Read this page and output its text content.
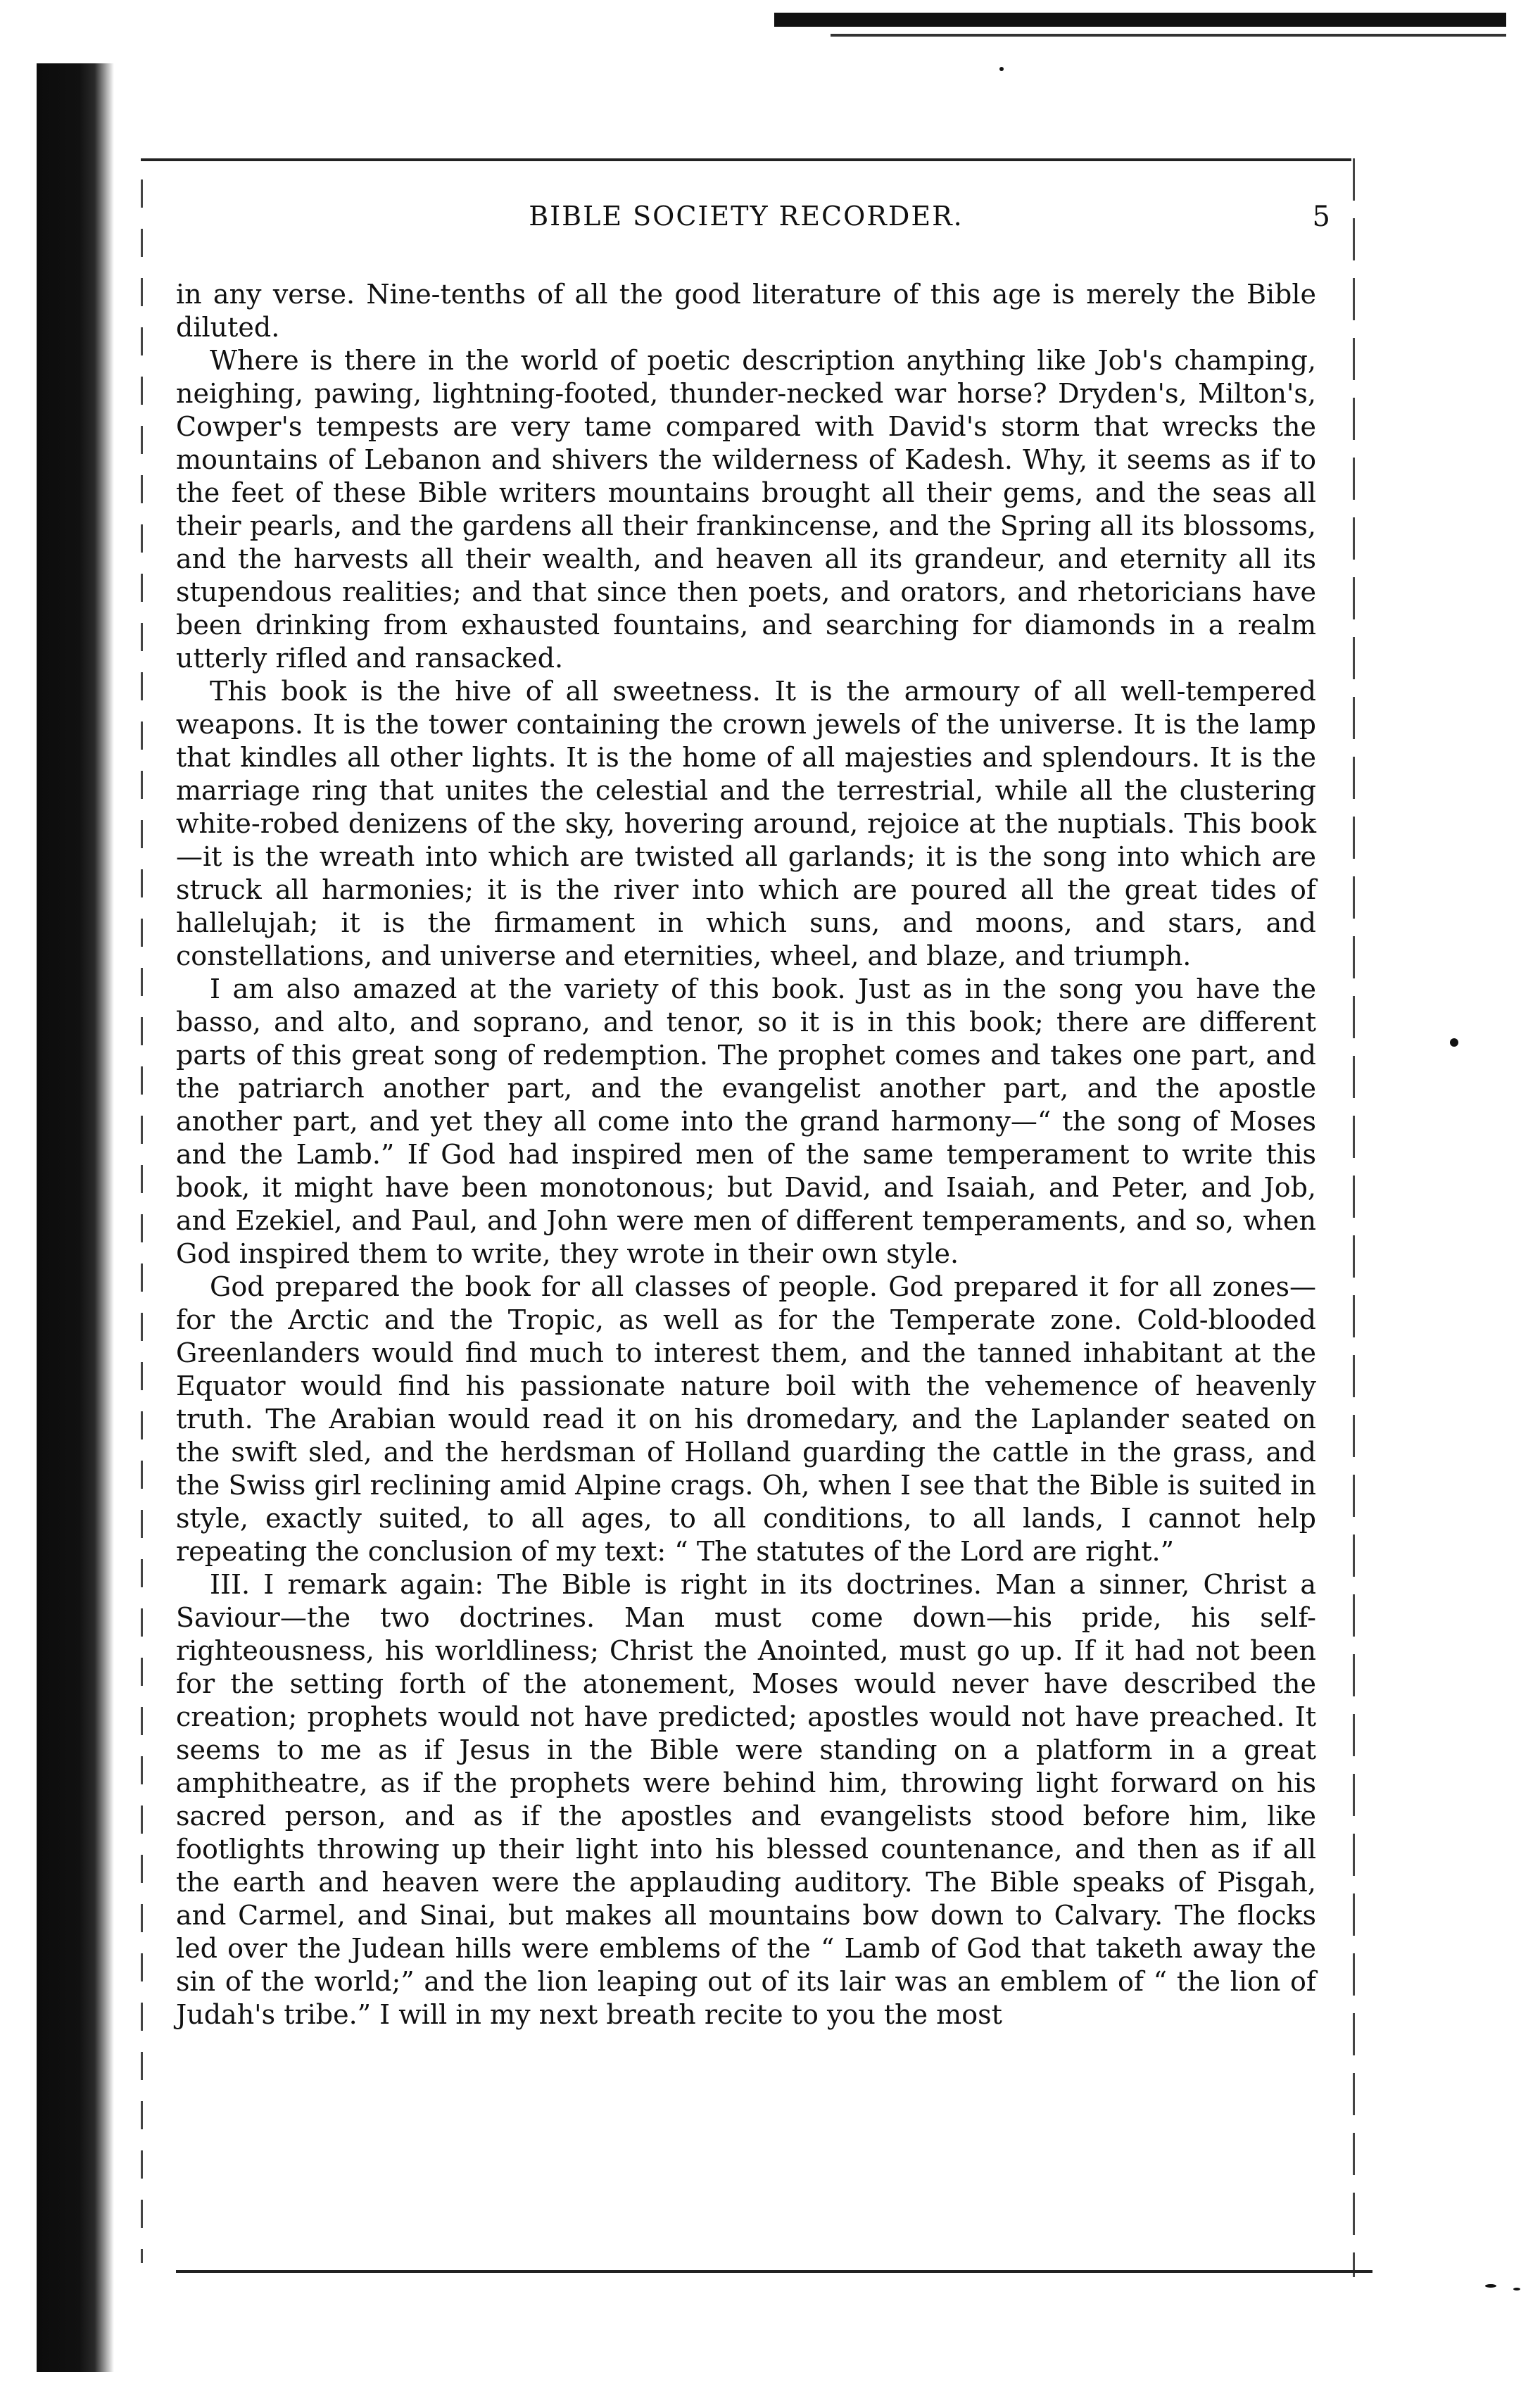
BIBLE SOCIETY RECORDER.	5

in any verse. Nine-tenths of all the good literature of this age is merely the Bible diluted.

Where is there in the world of poetic description anything like Job's champing, neighing, pawing, lightning-footed, thunder-necked war horse? Dryden's, Milton's, Cowper's tempests are very tame compared with David's storm that wrecks the mountains of Lebanon and shivers the wilderness of Kadesh. Why, it seems as if to the feet of these Bible writers mountains brought all their gems, and the seas all their pearls, and the gardens all their frankincense, and the Spring all its blossoms, and the harvests all their wealth, and heaven all its grandeur, and eternity all its stupendous realities; and that since then poets, and orators, and rhetoricians have been drinking from exhausted fountains, and searching for diamonds in a realm utterly rifled and ransacked.

This book is the hive of all sweetness. It is the armoury of all well-tempered weapons. It is the tower containing the crown jewels of the universe. It is the lamp that kindles all other lights. It is the home of all majesties and splendours. It is the marriage ring that unites the celestial and the terrestrial, while all the clustering white-robed denizens of the sky, hovering around, rejoice at the nuptials. This book—it is the wreath into which are twisted all garlands; it is the song into which are struck all harmonies; it is the river into which are poured all the great tides of hallelujah; it is the firmament in which suns, and moons, and stars, and constellations, and universe and eternities, wheel, and blaze, and triumph.

I am also amazed at the variety of this book. Just as in the song you have the basso, and alto, and soprano, and tenor, so it is in this book; there are different parts of this great song of redemption. The prophet comes and takes one part, and the patriarch another part, and the evangelist another part, and the apostle another part, and yet they all come into the grand harmony—“ the song of Moses and the Lamb.” If God had inspired men of the same temperament to write this book, it might have been monotonous; but David, and Isaiah, and Peter, and Job, and Ezekiel, and Paul, and John were men of different temperaments, and so, when God inspired them to write, they wrote in their own style.

God prepared the book for all classes of people. God prepared it for all zones—for the Arctic and the Tropic, as well as for the Temperate zone. Cold-blooded Greenlanders would find much to interest them, and the tanned inhabitant at the Equator would find his passionate nature boil with the vehemence of heavenly truth. The Arabian would read it on his dromedary, and the Laplander seated on the swift sled, and the herdsman of Holland guarding the cattle in the grass, and the Swiss girl reclining amid Alpine crags. Oh, when I see that the Bible is suited in style, exactly suited, to all ages, to all conditions, to all lands, I cannot help repeating the conclusion of my text: “ The statutes of the Lord are right.”

III. I remark again: The Bible is right in its doctrines. Man a sinner, Christ a Saviour—the two doctrines. Man must come down—his pride, his self-righteousness, his worldliness; Christ the Anointed, must go up. If it had not been for the setting forth of the atonement, Moses would never have described the creation; prophets would not have predicted; apostles would not have preached. It seems to me as if Jesus in the Bible were standing on a platform in a great amphitheatre, as if the prophets were behind him, throwing light forward on his sacred person, and as if the apostles and evangelists stood before him, like footlights throwing up their light into his blessed countenance, and then as if all the earth and heaven were the applauding auditory. The Bible speaks of Pisgah, and Carmel, and Sinai, but makes all mountains bow down to Calvary. The flocks led over the Judean hills were emblems of the “ Lamb of God that taketh away the sin of the world;” and the lion leaping out of its lair was an emblem of “ the lion of Judah's tribe.” I will in my next breath recite to you the most
